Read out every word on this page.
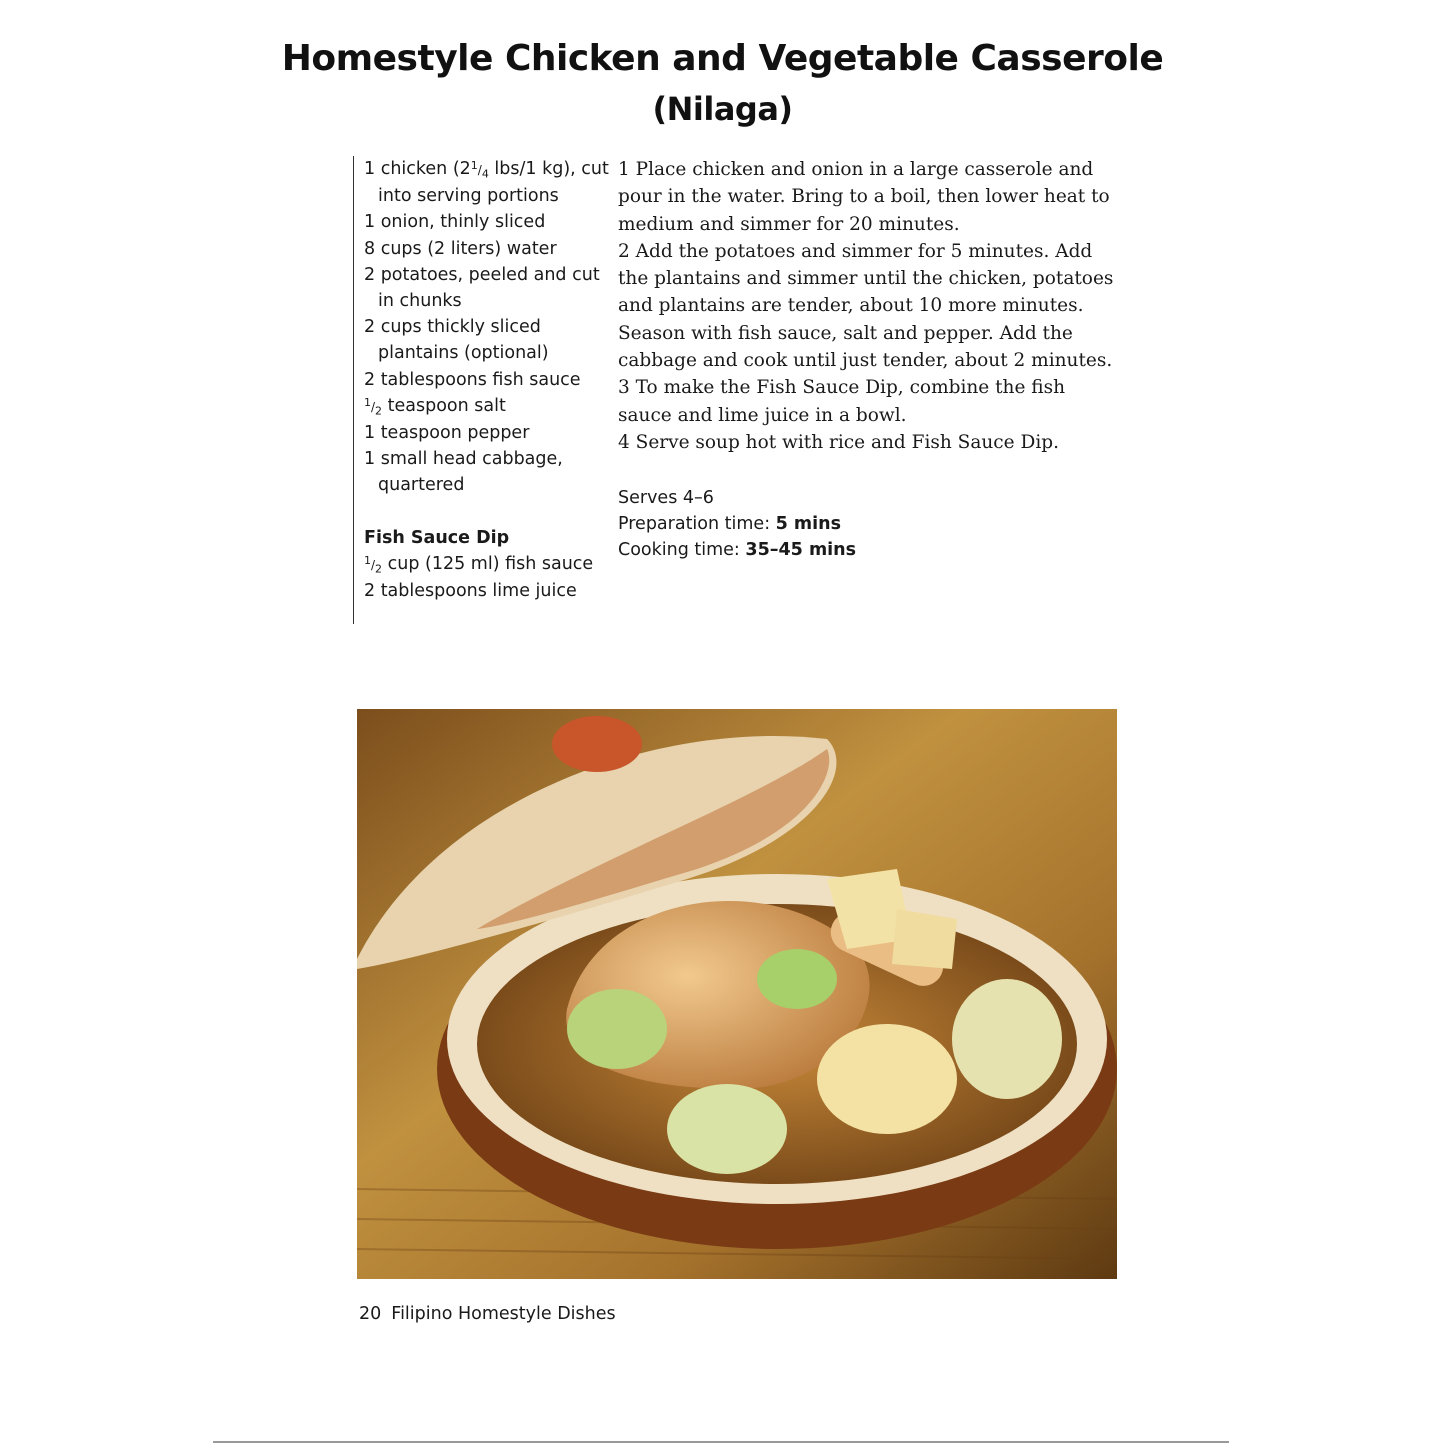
Homestyle Chicken and Vegetable Casserole
(Nilaga)
1 chicken ($2^1/_4$ lbs/1 kg), cut into serving portions
1 onion, thinly sliced
8 cups (2 liters) water
2 potatoes, peeled and cut in chunks
2 cups thickly sliced plantains (optional)
2 tablespoons fish sauce
$^1/_2$ teaspoon salt
1 teaspoon pepper
1 small head cabbage, quartered
Fish Sauce Dip
$^1/_2$ cup (125 ml) fish sauce
2 tablespoons lime juice

1 Place chicken and onion in a large casserole and pour in the water. Bring to a boil, then lower heat to medium and simmer for 20 minutes.

2 Add the potatoes and simmer for 5 minutes. Add the plantains and simmer until the chicken, potatoes and plantains are tender, about 10 more minutes. Season with fish sauce, salt and pepper. Add the cabbage and cook until just tender, about 2 minutes.

3 To make the Fish Sauce Dip, combine the fish sauce and lime juice in a bowl.

4 Serve soup hot with rice and Fish Sauce Dip.

Serves 4–6

Preparation time: 5 mins

Cooking time: 35–45 mins

20 Filipino Homestyle Dishes
